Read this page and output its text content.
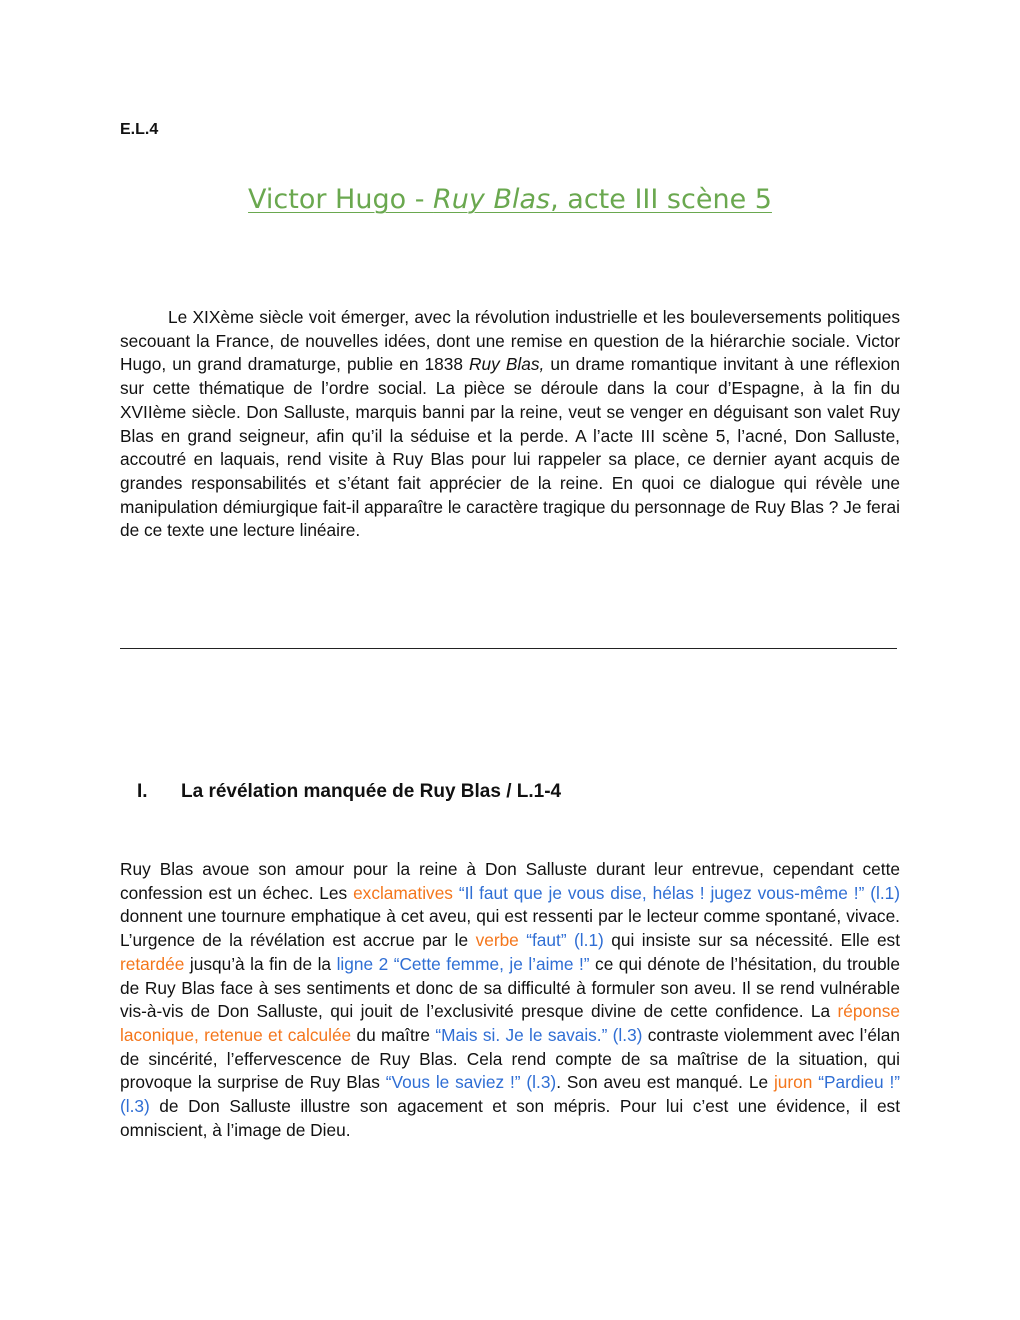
E.L.4
Victor Hugo - Ruy Blas, acte III scène 5

Le XIXème siècle voit émerger, avec la révolution industrielle et les bouleversements politiques secouant la France, de nouvelles idées, dont une remise en question de la hiérarchie sociale. Victor Hugo, un grand dramaturge, publie en 1838 Ruy Blas, un drame romantique invitant à une réflexion sur cette thématique de l’ordre social. La pièce se déroule dans la cour d’Espagne, à la fin du XVIIème siècle. Don Salluste, marquis banni par la reine, veut se venger en déguisant son valet Ruy Blas en grand seigneur, afin qu’il la séduise et la perde. A l’acte III scène 5, l’acné, Don Salluste, accoutré en laquais, rend visite à Ruy Blas pour lui rappeler sa place, ce dernier ayant acquis de grandes responsabilités et s’étant fait apprécier de la reine. En quoi ce dialogue qui révèle une manipulation démiurgique fait-il apparaître le caractère tragique du personnage de Ruy Blas ? Je ferai de ce texte une lecture linéaire.

I.	La révélation manquée de Ruy Blas / L.1-4

Ruy Blas avoue son amour pour la reine à Don Salluste durant leur entrevue, cependant cette confession est un échec. Les exclamatives “Il faut que je vous dise, hélas ! jugez vous-même !” (l.1) donnent une tournure emphatique à cet aveu, qui est ressenti par le lecteur comme spontané, vivace. L’urgence de la révélation est accrue par le verbe “faut” (l.1) qui insiste sur sa nécessité. Elle est retardée jusqu’à la fin de la ligne 2 “Cette femme, je l’aime !” ce qui dénote de l’hésitation, du trouble de Ruy Blas face à ses sentiments et donc de sa difficulté à formuler son aveu. Il se rend vulnérable vis-à-vis de Don Salluste, qui jouit de l’exclusivité presque divine de cette confidence. La réponse laconique, retenue et calculée du maître “Mais si. Je le savais.” (l.3) contraste violemment avec l’élan de sincérité, l’effervescence de Ruy Blas. Cela rend compte de sa maîtrise de la situation, qui provoque la surprise de Ruy Blas “Vous le saviez !” (l.3). Son aveu est manqué. Le juron “Pardieu !” (l.3) de Don Salluste illustre son agacement et son mépris. Pour lui c’est une évidence, il est omniscient, à l’image de Dieu.
